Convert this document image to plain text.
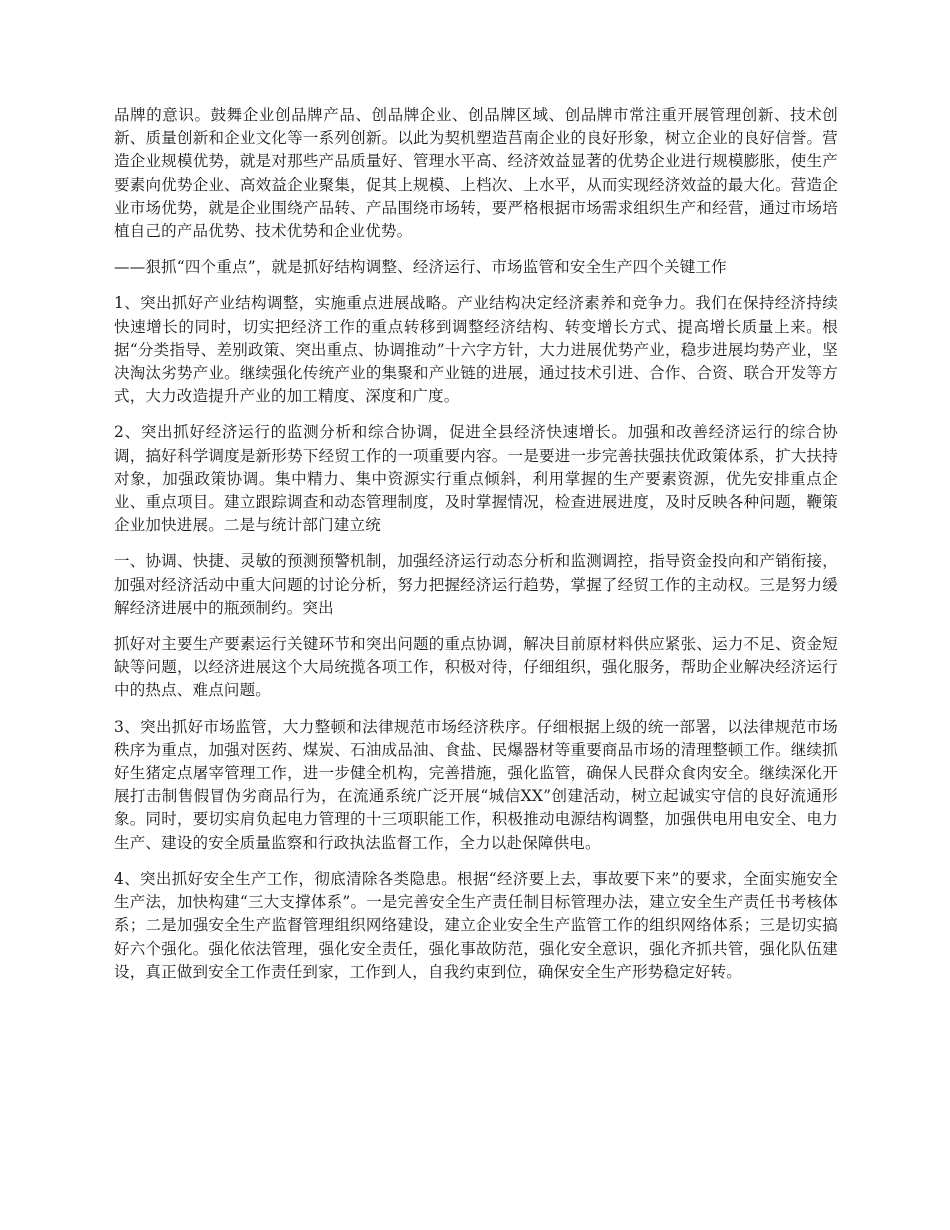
品牌的意识。鼓舞企业创品牌产品、创品牌企业、创品牌区域、创品牌市常注重开展管理创新、技术创新、质量创新和企业文化等一系列创新。以此为契机塑造莒南企业的良好形象，树立企业的良好信誉。营造企业规模优势，就是对那些产品质量好、管理水平高、经济效益显著的优势企业进行规模膨胀，使生产要素向优势企业、高效益企业聚集，促其上规模、上档次、上水平，从而实现经济效益的最大化。营造企业市场优势，就是企业围绕产品转、产品围绕市场转，要严格根据市场需求组织生产和经营，通过市场培植自己的产品优势、技术优势和企业优势。

——狠抓“四个重点”，就是抓好结构调整、经济运行、市场监管和安全生产四个关键工作

1、突出抓好产业结构调整，实施重点进展战略。产业结构决定经济素养和竞争力。我们在保持经济持续快速增长的同时，切实把经济工作的重点转移到调整经济结构、转变增长方式、提高增长质量上来。根据“分类指导、差别政策、突出重点、协调推动”十六字方针，大力进展优势产业，稳步进展均势产业，坚决淘汰劣势产业。继续强化传统产业的集聚和产业链的进展，通过技术引进、合作、合资、联合开发等方式，大力改造提升产业的加工精度、深度和广度。

2、突出抓好经济运行的监测分析和综合协调，促进全县经济快速增长。加强和改善经济运行的综合协调，搞好科学调度是新形势下经贸工作的一项重要内容。一是要进一步完善扶强扶优政策体系，扩大扶持对象，加强政策协调。集中精力、集中资源实行重点倾斜，利用掌握的生产要素资源，优先安排重点企业、重点项目。建立跟踪调查和动态管理制度，及时掌握情况，检查进展进度，及时反映各种问题，鞭策企业加快进展。二是与统计部门建立统

一、协调、快捷、灵敏的预测预警机制，加强经济运行动态分析和监测调控，指导资金投向和产销衔接，加强对经济活动中重大问题的讨论分析，努力把握经济运行趋势，掌握了经贸工作的主动权。三是努力缓解经济进展中的瓶颈制约。突出

抓好对主要生产要素运行关键环节和突出问题的重点协调，解决目前原材料供应紧张、运力不足、资金短缺等问题，以经济进展这个大局统揽各项工作，积极对待，仔细组织，强化服务，帮助企业解决经济运行中的热点、难点问题。

3、突出抓好市场监管，大力整顿和法律规范市场经济秩序。仔细根据上级的统一部署，以法律规范市场秩序为重点，加强对医药、煤炭、石油成品油、食盐、民爆器材等重要商品市场的清理整顿工作。继续抓好生猪定点屠宰管理工作，进一步健全机构，完善措施，强化监管，确保人民群众食肉安全。继续深化开展打击制售假冒伪劣商品行为，在流通系统广泛开展“城信XX”创建活动，树立起诚实守信的良好流通形象。同时，要切实肩负起电力管理的十三项职能工作，积极推动电源结构调整，加强供电用电安全、电力生产、建设的安全质量监察和行政执法监督工作，全力以赴保障供电。

4、突出抓好安全生产工作，彻底清除各类隐患。根据“经济要上去，事故要下来”的要求，全面实施安全生产法，加快构建“三大支撑体系”。一是完善安全生产责任制目标管理办法，建立安全生产责任书考核体系；二是加强安全生产监督管理组织网络建设，建立企业安全生产监管工作的组织网络体系；三是切实搞好六个强化。强化依法管理，强化安全责任，强化事故防范，强化安全意识，强化齐抓共管，强化队伍建设，真正做到安全工作责任到家，工作到人，自我约束到位，确保安全生产形势稳定好转。
